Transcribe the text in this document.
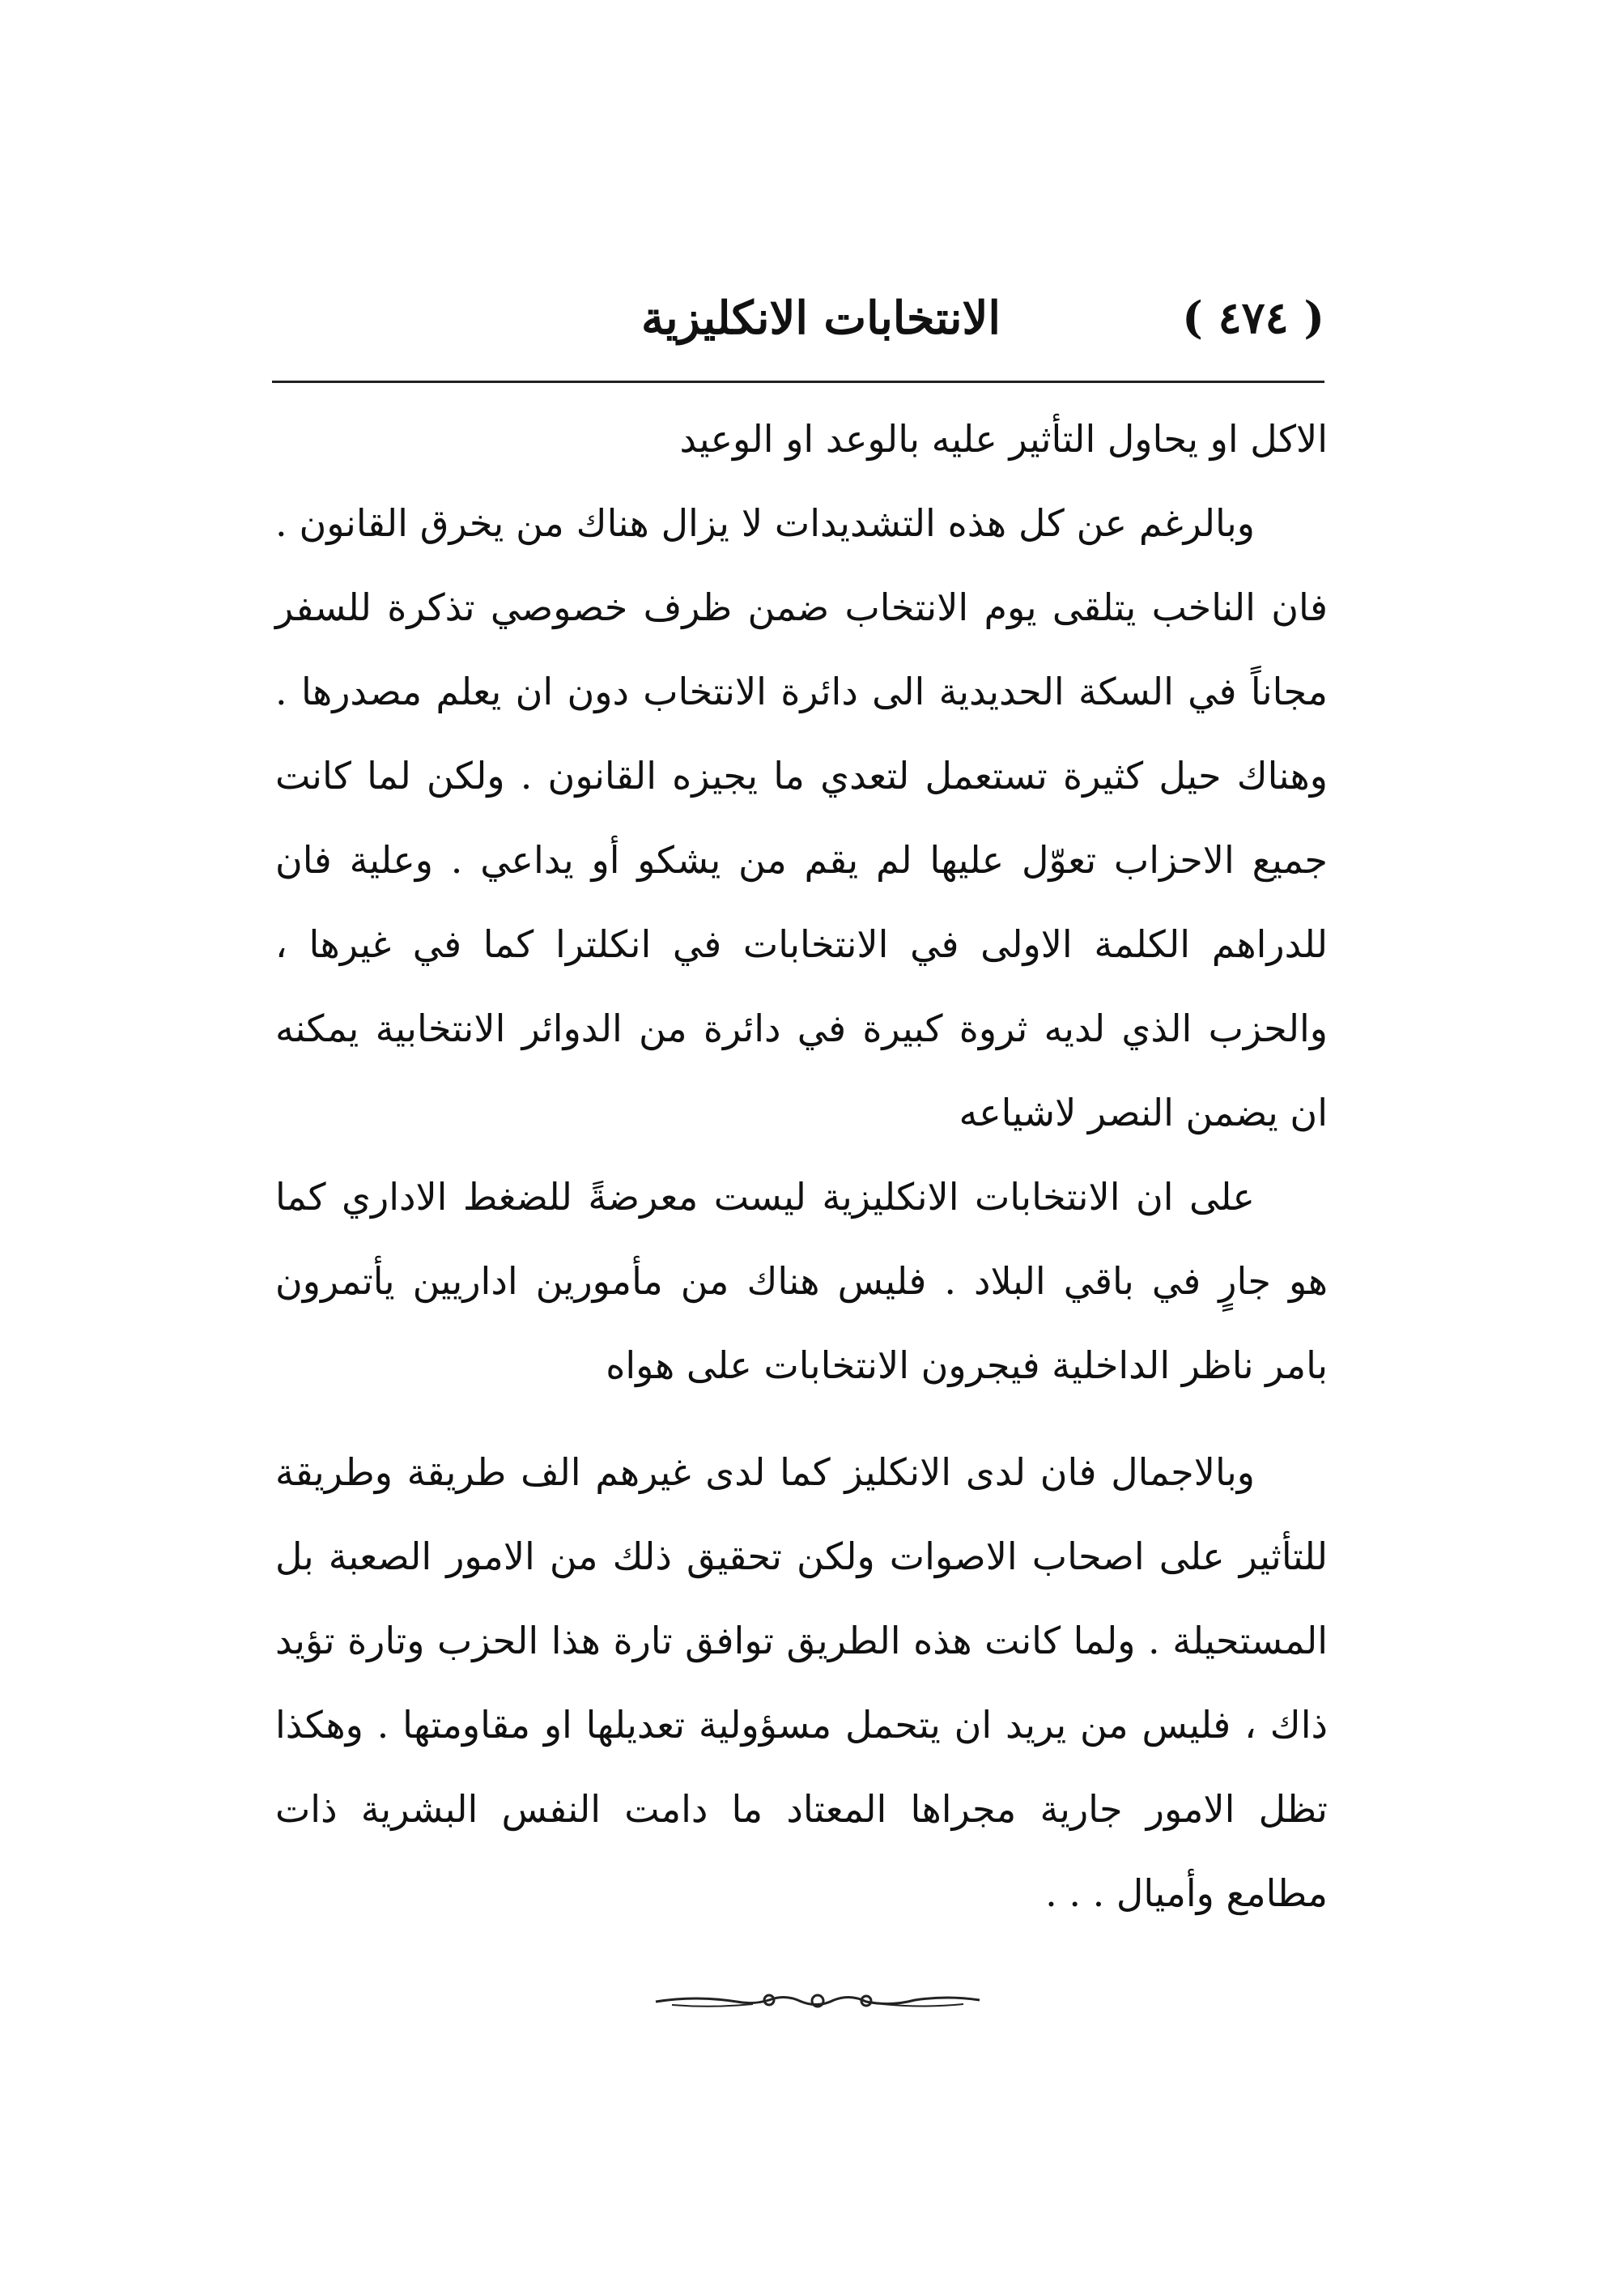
( ٤٧٤ )
الانتخابات الانكليزية

الاكل او يحاول التأثير عليه بالوعد او الوعيد

وبالرغم عن كل هذه التشديدات لا يزال هناك من يخرق القانون . فان الناخب يتلقى يوم الانتخاب ضمن ظرف خصوصي تذكرة للسفر مجاناً في السكة الحديدية الى دائرة الانتخاب دون ان يعلم مصدرها . وهناك حيل كثيرة تستعمل لتعدي ما يجيزه القانون . ولكن لما كانت جميع الاحزاب تعوّل عليها لم يقم من يشكو أو يداعي . وعلية فان للدراهم الكلمة الاولى في الانتخابات في انكلترا كما في غيرها ، والحزب الذي لديه ثروة كبيرة في دائرة من الدوائر الانتخابية يمكنه ان يضمن النصر لاشياعه

على ان الانتخابات الانكليزية ليست معرضةً للضغط الاداري كما هو جارٍ في باقي البلاد . فليس هناك من مأمورين اداريين يأتمرون بامر ناظر الداخلية فيجرون الانتخابات على هواه

وبالاجمال فان لدى الانكليز كما لدى غيرهم الف طريقة وطريقة للتأثير على اصحاب الاصوات ولكن تحقيق ذلك من الامور الصعبة بل المستحيلة . ولما كانت هذه الطريق توافق تارة هذا الحزب وتارة تؤيد ذاك ، فليس من يريد ان يتحمل مسؤولية تعديلها او مقاومتها . وهكذا تظل الامور جارية مجراها المعتاد ما دامت النفس البشرية ذات مطامع وأميال . . .
